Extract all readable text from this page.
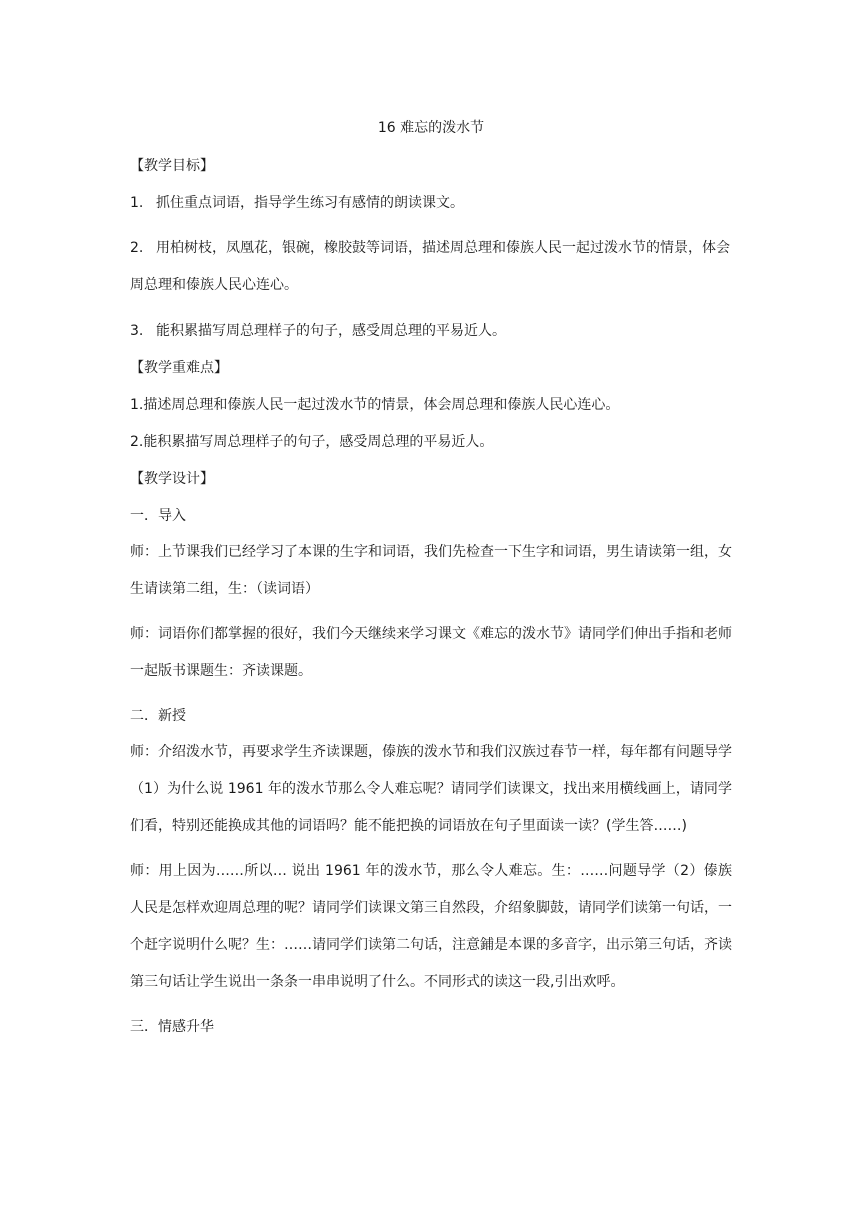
16 难忘的泼水节
【教学目标】
1. 抓住重点词语，指导学生练习有感情的朗读课文。
2. 用柏树枝，凤凰花，银碗，橡胶鼓等词语，描述周总理和傣族人民一起过泼水节的情景，体会周总理和傣族人民心连心。
3. 能积累描写周总理样子的句子，感受周总理的平易近人。
【教学重难点】
1.描述周总理和傣族人民一起过泼水节的情景，体会周总理和傣族人民心连心。
2.能积累描写周总理样子的句子，感受周总理的平易近人。
【教学设计】
一．导入
师：上节课我们已经学习了本课的生字和词语，我们先检查一下生字和词语，男生请读第一组，女生请读第二组，生：（读词语）
师：词语你们都掌握的很好，我们今天继续来学习课文《难忘的泼水节》请同学们伸出手指和老师一起版书课题生：齐读课题。
二．新授
师：介绍泼水节，再要求学生齐读课题，傣族的泼水节和我们汉族过春节一样，每年都有问题导学（1）为什么说 1961 年的泼水节那么令人难忘呢？请同学们读课文，找出来用横线画上，请同学们看，特别还能换成其他的词语吗？能不能把换的词语放在句子里面读一读？(学生答……)
师：用上因为……所以… 说出 1961 年的泼水节，那么令人难忘。生：……问题导学（2）傣族人民是怎样欢迎周总理的呢？请同学们读课文第三自然段，介绍象脚鼓，请同学们读第一句话，一个赶字说明什么呢？生：……请同学们读第二句话，注意鋪是本课的多音字，出示第三句话，齐读第三句话让学生说出一条条一串串说明了什么。不同形式的读这一段,引出欢呼。
三．情感升华
